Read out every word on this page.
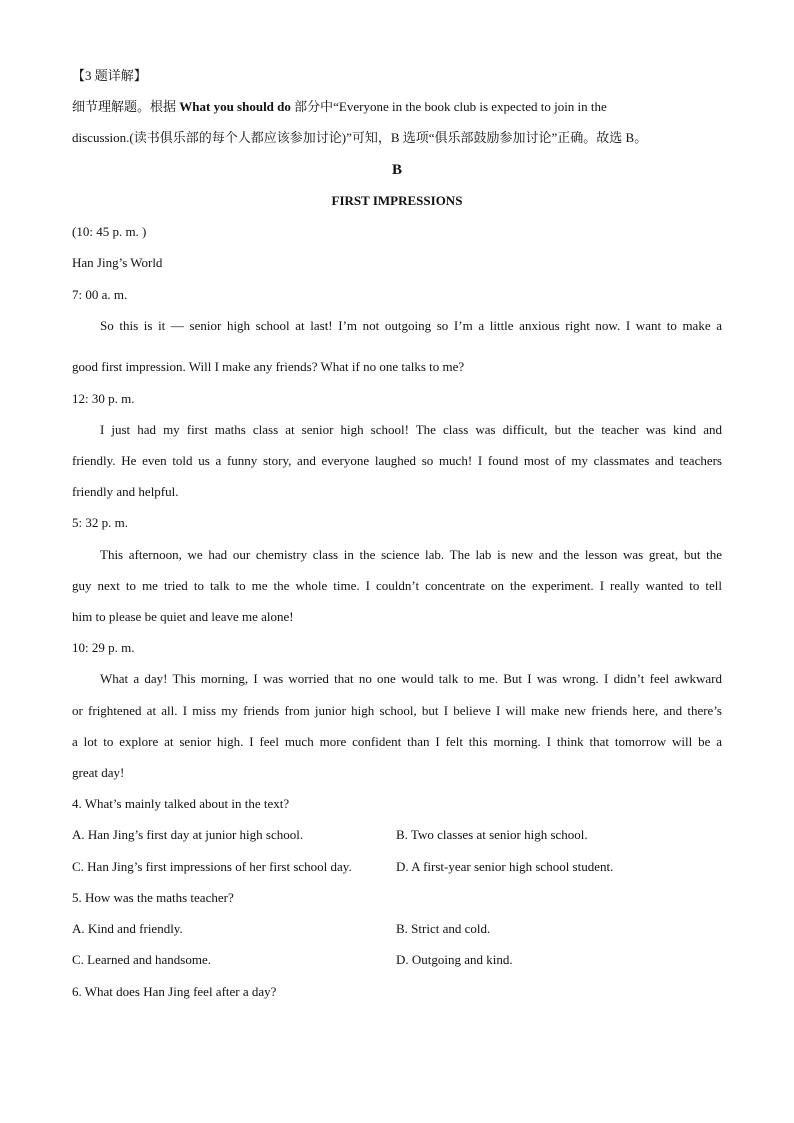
【3 题详解】
细节理解题。根据 What you should do 部分中“Everyone in the book club is expected to join in the
discussion.(读书俱乐部的每个人都应该参加讨论)”可知，B 选项“俱乐部鼓励参加讨论”正确。故选 B。
B
FIRST IMPRESSIONS
(10: 45 p. m. )
Han Jing’s World
7: 00 a. m.
So this is it — senior high school at last! I’m not outgoing so I’m a little anxious right now. I want to make a
good first impression. Will I make any friends? What if no one talks to me?
12: 30 p. m.
I just had my first maths class at senior high school! The class was difficult, but the teacher was kind and
friendly. He even told us a funny story, and everyone laughed so much! I found most of my classmates and teachers
friendly and helpful.
5: 32 p. m.
This afternoon, we had our chemistry class in the science lab. The lab is new and the lesson was great, but the
guy next to me tried to talk to me the whole time. I couldn’t concentrate on the experiment. I really wanted to tell
him to please be quiet and leave me alone!
10: 29 p. m.
What a day! This morning, I was worried that no one would talk to me. But I was wrong. I didn’t feel awkward
or frightened at all. I miss my friends from junior high school, but I believe I will make new friends here, and there’s
a lot to explore at senior high. I feel much more confident than I felt this morning. I think that tomorrow will be a
great day!
4. What’s mainly talked about in the text?
A. Han Jing’s first day at junior high school.	B. Two classes at senior high school.
C. Han Jing’s first impressions of her first school day.	D. A first-year senior high school student.
5. How was the maths teacher?
A. Kind and friendly.	B. Strict and cold.
C. Learned and handsome.	D. Outgoing and kind.
6. What does Han Jing feel after a day?
